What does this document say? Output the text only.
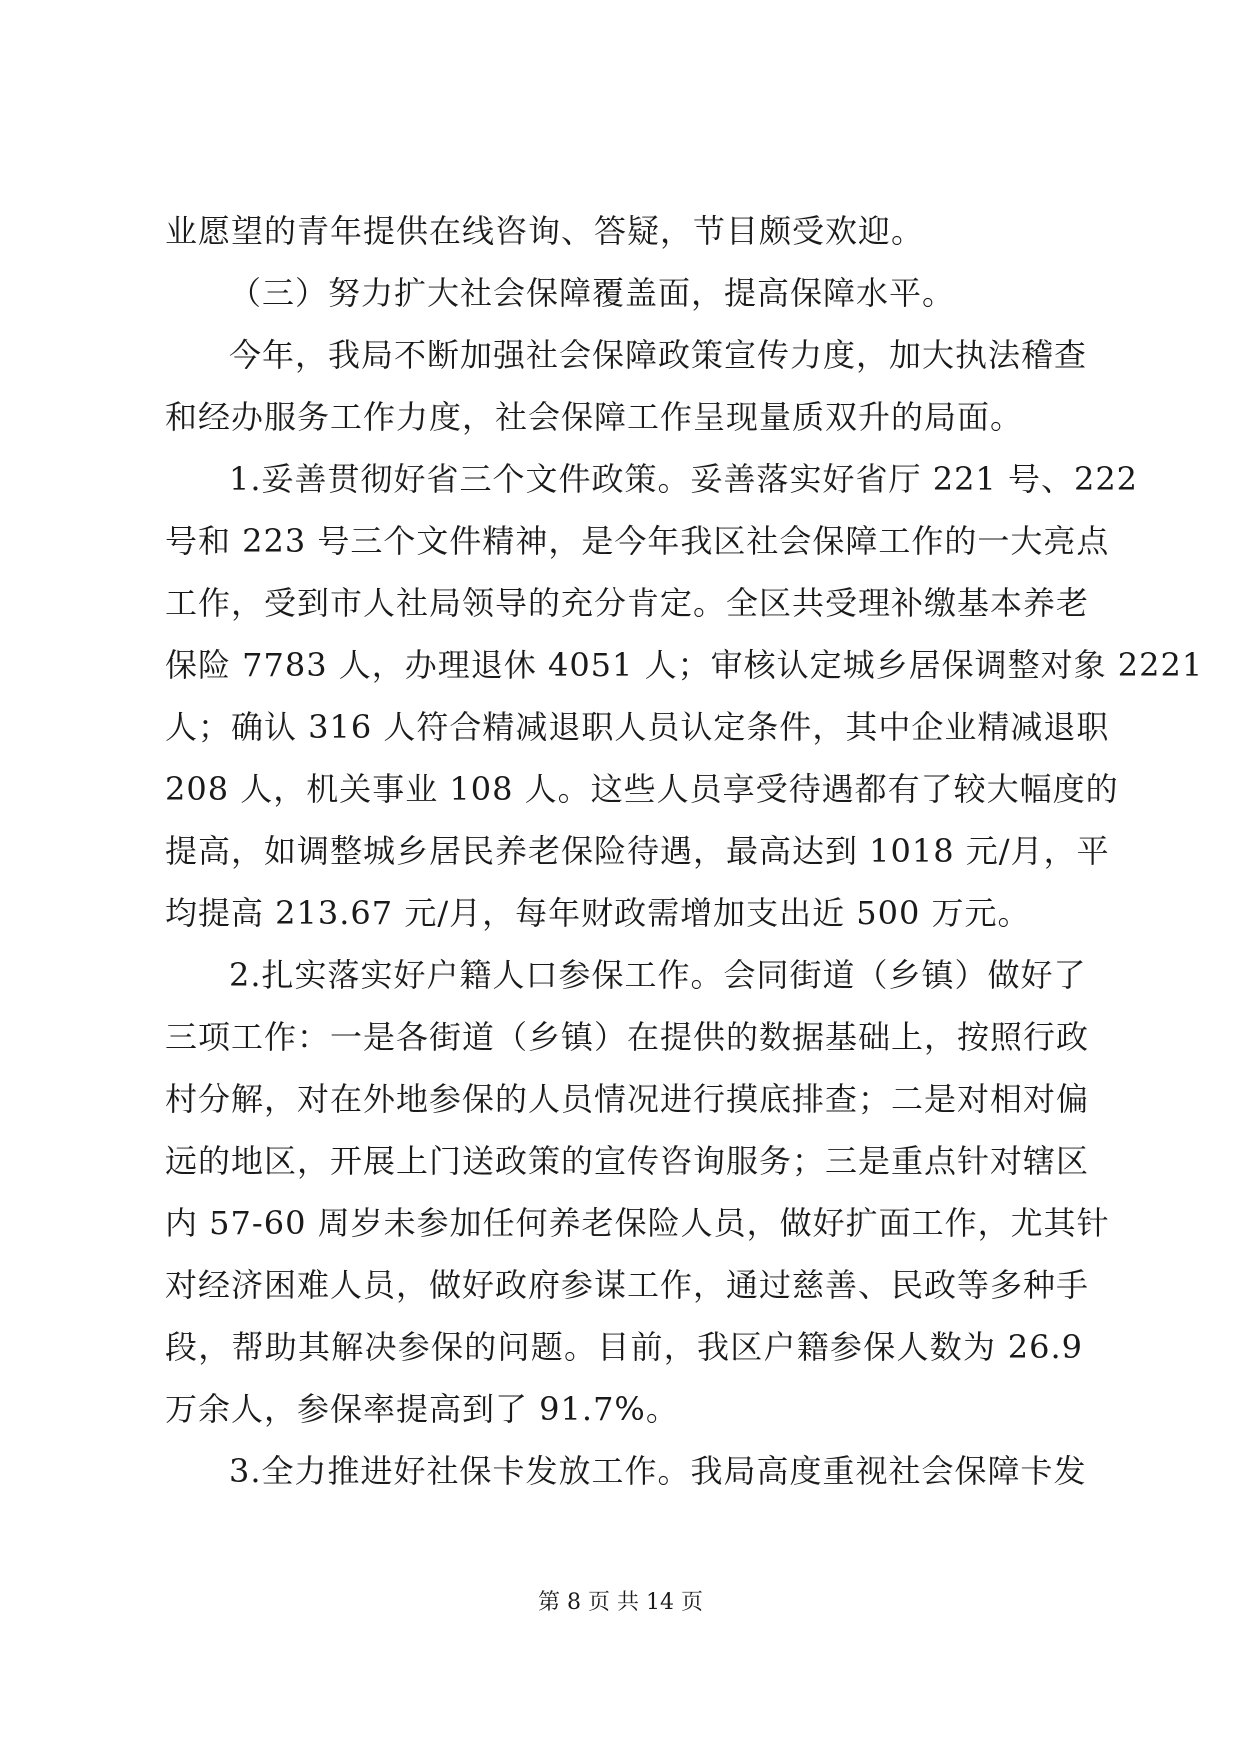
业愿望的青年提供在线咨询、答疑，节目颇受欢迎。
（三）努力扩大社会保障覆盖面，提高保障水平。
今年，我局不断加强社会保障政策宣传力度，加大执法稽查
和经办服务工作力度，社会保障工作呈现量质双升的局面。
1.妥善贯彻好省三个文件政策。妥善落实好省厅 221 号、222
号和 223 号三个文件精神，是今年我区社会保障工作的一大亮点
工作，受到市人社局领导的充分肯定。全区共受理补缴基本养老
保险 7783 人，办理退休 4051 人；审核认定城乡居保调整对象 2221
人；确认 316 人符合精减退职人员认定条件，其中企业精减退职
208 人，机关事业 108 人。这些人员享受待遇都有了较大幅度的
提高，如调整城乡居民养老保险待遇，最高达到 1018 元/月，平
均提高 213.67 元/月，每年财政需增加支出近 500 万元。
2.扎实落实好户籍人口参保工作。会同街道（乡镇）做好了
三项工作：一是各街道（乡镇）在提供的数据基础上，按照行政
村分解，对在外地参保的人员情况进行摸底排查；二是对相对偏
远的地区，开展上门送政策的宣传咨询服务；三是重点针对辖区
内 57-60 周岁未参加任何养老保险人员，做好扩面工作，尤其针
对经济困难人员，做好政府参谋工作，通过慈善、民政等多种手
段，帮助其解决参保的问题。目前，我区户籍参保人数为 26.9
万余人，参保率提高到了 91.7%。
3.全力推进好社保卡发放工作。我局高度重视社会保障卡发
第 8 页 共 14 页
